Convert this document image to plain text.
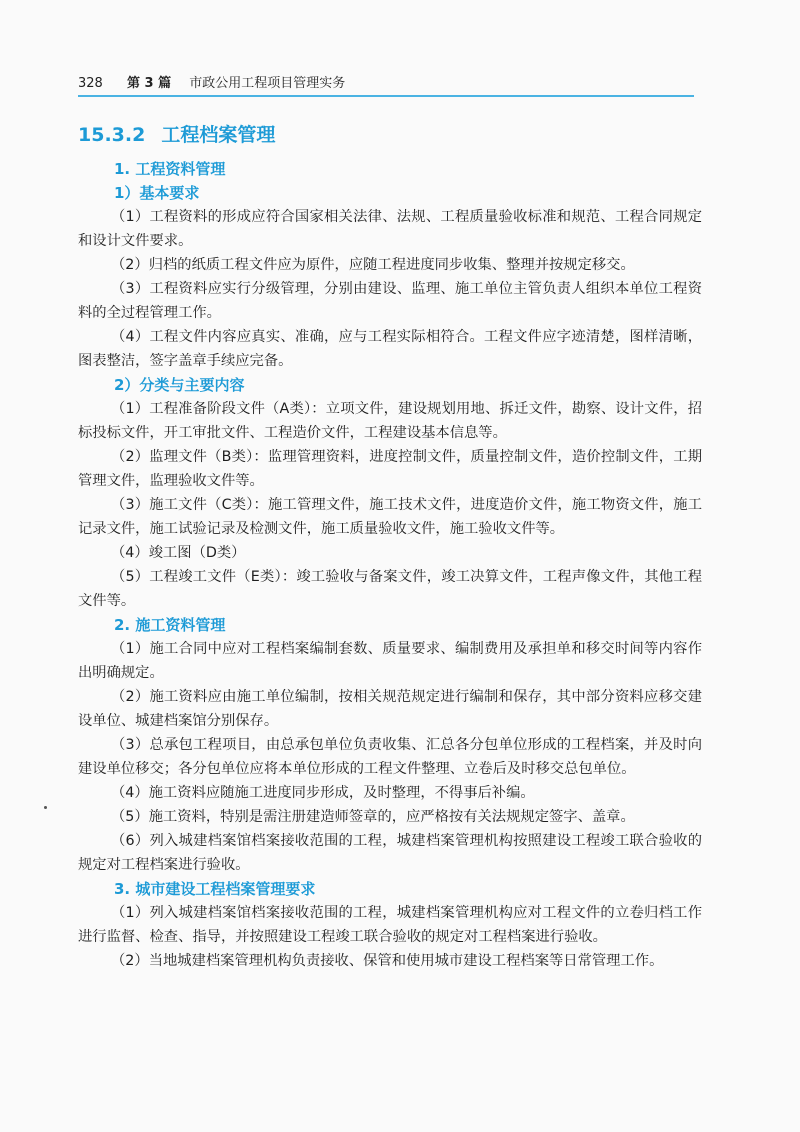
328 第 3 篇 市政公用工程项目管理实务
15.3.2 工程档案管理
1. 工程资料管理
1）基本要求

（1）工程资料的形成应符合国家相关法律、法规、工程质量验收标准和规范、工程合同规定和设计文件要求。

（2）归档的纸质工程文件应为原件，应随工程进度同步收集、整理并按规定移交。

（3）工程资料应实行分级管理，分别由建设、监理、施工单位主管负责人组织本单位工程资料的全过程管理工作。

（4）工程文件内容应真实、准确，应与工程实际相符合。工程文件应字迹清楚，图样清晰，图表整洁，签字盖章手续应完备。

2）分类与主要内容

（1）工程准备阶段文件（A类）：立项文件，建设规划用地、拆迁文件，勘察、设计文件，招标投标文件，开工审批文件、工程造价文件，工程建设基本信息等。

（2）监理文件（B类）：监理管理资料，进度控制文件，质量控制文件，造价控制文件，工期管理文件，监理验收文件等。

（3）施工文件（C类）：施工管理文件，施工技术文件，进度造价文件，施工物资文件，施工记录文件，施工试验记录及检测文件，施工质量验收文件，施工验收文件等。

（4）竣工图（D类）

（5）工程竣工文件（E类）：竣工验收与备案文件，竣工决算文件，工程声像文件，其他工程文件等。

2. 施工资料管理

（1）施工合同中应对工程档案编制套数、质量要求、编制费用及承担单和移交时间等内容作出明确规定。

（2）施工资料应由施工单位编制，按相关规范规定进行编制和保存，其中部分资料应移交建设单位、城建档案馆分别保存。

（3）总承包工程项目，由总承包单位负责收集、汇总各分包单位形成的工程档案，并及时向建设单位移交；各分包单位应将本单位形成的工程文件整理、立卷后及时移交总包单位。

（4）施工资料应随施工进度同步形成，及时整理，不得事后补编。

（5）施工资料，特别是需注册建造师签章的，应严格按有关法规规定签字、盖章。

（6）列入城建档案馆档案接收范围的工程，城建档案管理机构按照建设工程竣工联合验收的规定对工程档案进行验收。

3. 城市建设工程档案管理要求

（1）列入城建档案馆档案接收范围的工程，城建档案管理机构应对工程文件的立卷归档工作进行监督、检查、指导，并按照建设工程竣工联合验收的规定对工程档案进行验收。

（2）当地城建档案管理机构负责接收、保管和使用城市建设工程档案等日常管理工作。
